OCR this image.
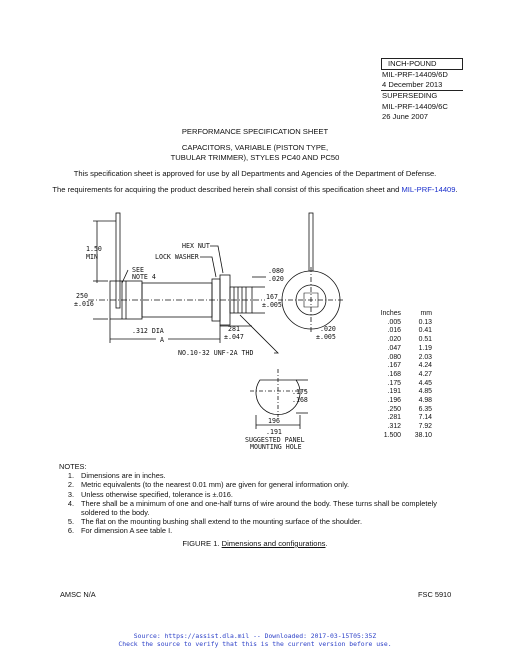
INCH-POUND
MIL-PRF-14409/6D
4 December 2013
SUPERSEDING
MIL-PRF-14409/6C
26 June 2007
PERFORMANCE SPECIFICATION SHEET
CAPACITORS, VARIABLE (PISTON TYPE,
TUBULAR TRIMMER), STYLES PC40 AND PC50
This specification sheet is approved for use by all Departments and Agencies of the Department of Defense.
The requirements for acquiring the product described herein shall consist of this specification sheet and MIL-PRF-14409.
1.50
MIN
250
±.016
HEX NUT
LOCK WASHER
SEE
NOTE 4
.080
.020
167
±.005
.312 DIA
A
281
±.047
NO.10-32 UNF-2A THD
.020
±.005
.175
.168
196
.191
SUGGESTED PANEL
MOUNTING HOLE
Inches	mm
.005	0.13
.016	0.41
.020	0.51
.047	1.19
.080	2.03
.167	4.24
.168	4.27
.175	4.45
.191	4.85
.196	4.98
.250	6.35
.281	7.14
.312	7.92
1.500	38.10
NOTES:
1. Dimensions are in inches.
2. Metric equivalents (to the nearest 0.01 mm) are given for general information only.
3. Unless otherwise specified, tolerance is ±.016.
4. There shall be a minimum of one and one-half turns of wire around the body. These turns shall be completely soldered to the body.
5. The flat on the mounting bushing shall extend to the mounting surface of the shoulder.
6. For dimension A see table I.
FIGURE 1. Dimensions and configurations.
AMSC N/A	FSC 5910
Source: https://assist.dla.mil -- Downloaded: 2017-03-15T05:35Z
Check the source to verify that this is the current version before use.
